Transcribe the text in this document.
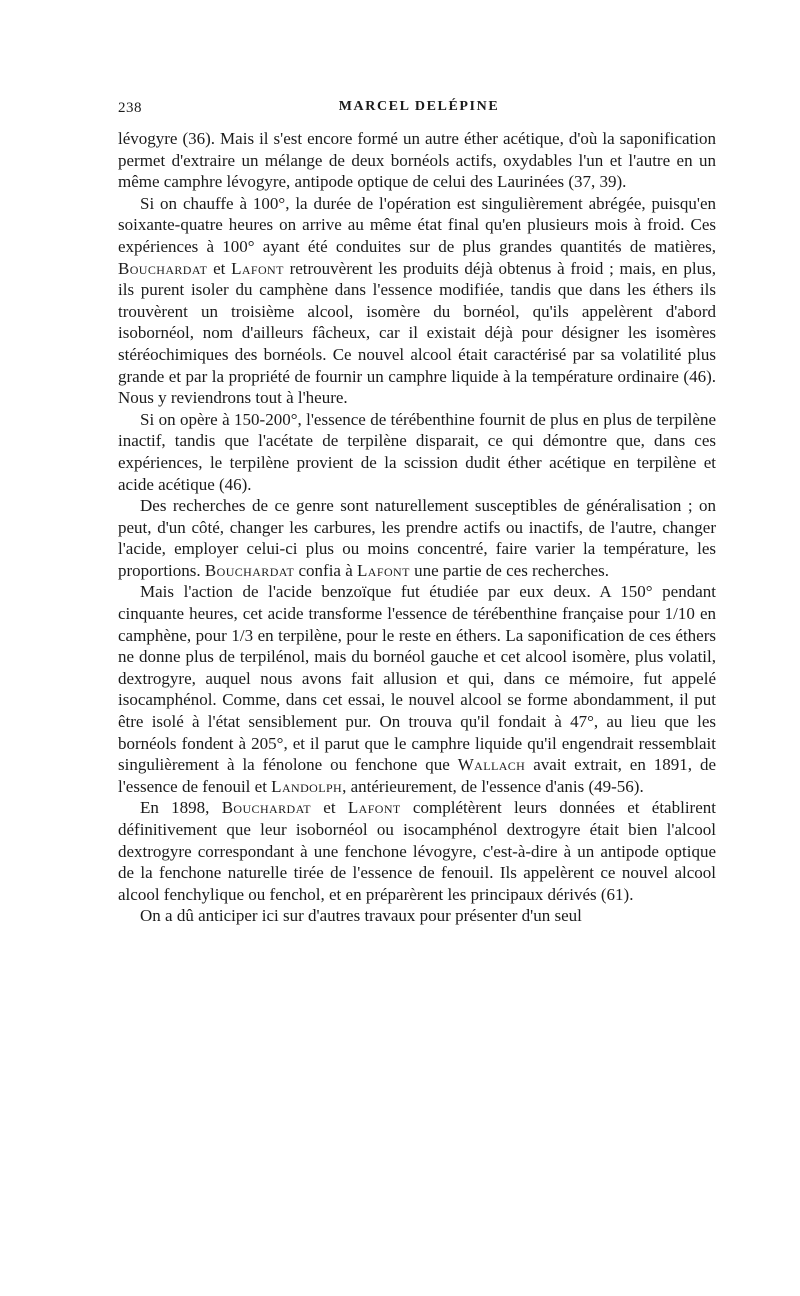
238	MARCEL DELÉPINE

lévogyre (36). Mais il s'est encore formé un autre éther acétique, d'où la saponification permet d'extraire un mélange de deux bornéols actifs, oxydables l'un et l'autre en un même camphre lévogyre, antipode optique de celui des Laurinées (37, 39).

Si on chauffe à 100°, la durée de l'opération est singulièrement abrégée, puisqu'en soixante-quatre heures on arrive au même état final qu'en plusieurs mois à froid. Ces expériences à 100° ayant été conduites sur de plus grandes quantités de matières, Bouchardat et Lafont retrouvèrent les produits déjà obtenus à froid ; mais, en plus, ils purent isoler du camphène dans l'essence modifiée, tandis que dans les éthers ils trouvèrent un troisième alcool, isomère du bornéol, qu'ils appelèrent d'abord isobornéol, nom d'ailleurs fâcheux, car il existait déjà pour désigner les isomères stéréochimiques des bornéols. Ce nouvel alcool était caractérisé par sa volatilité plus grande et par la propriété de fournir un camphre liquide à la température ordinaire (46). Nous y reviendrons tout à l'heure.

Si on opère à 150-200°, l'essence de térébenthine fournit de plus en plus de terpilène inactif, tandis que l'acétate de terpilène disparait, ce qui démontre que, dans ces expériences, le terpilène provient de la scission dudit éther acétique en terpilène et acide acétique (46).

Des recherches de ce genre sont naturellement susceptibles de généralisation ; on peut, d'un côté, changer les carbures, les prendre actifs ou inactifs, de l'autre, changer l'acide, employer celui-ci plus ou moins concentré, faire varier la température, les proportions. Bouchardat confia à Lafont une partie de ces recherches.

Mais l'action de l'acide benzoïque fut étudiée par eux deux. A 150° pendant cinquante heures, cet acide transforme l'essence de térébenthine française pour 1/10 en camphène, pour 1/3 en terpilène, pour le reste en éthers. La saponification de ces éthers ne donne plus de terpilénol, mais du bornéol gauche et cet alcool isomère, plus volatil, dextrogyre, auquel nous avons fait allusion et qui, dans ce mémoire, fut appelé isocamphénol. Comme, dans cet essai, le nouvel alcool se forme abondamment, il put être isolé à l'état sensiblement pur. On trouva qu'il fondait à 47°, au lieu que les bornéols fondent à 205°, et il parut que le camphre liquide qu'il engendrait ressemblait singulièrement à la fénolone ou fenchone que Wallach avait extrait, en 1891, de l'essence de fenouil et Landolph, antérieurement, de l'essence d'anis (49-56).

En 1898, Bouchardat et Lafont complétèrent leurs données et établirent définitivement que leur isobornéol ou isocamphénol dextrogyre était bien l'alcool dextrogyre correspondant à une fenchone lévogyre, c'est-à-dire à un antipode optique de la fenchone naturelle tirée de l'essence de fenouil. Ils appelèrent ce nouvel alcool alcool fenchylique ou fenchol, et en préparèrent les principaux dérivés (61).

On a dû anticiper ici sur d'autres travaux pour présenter d'un seul
